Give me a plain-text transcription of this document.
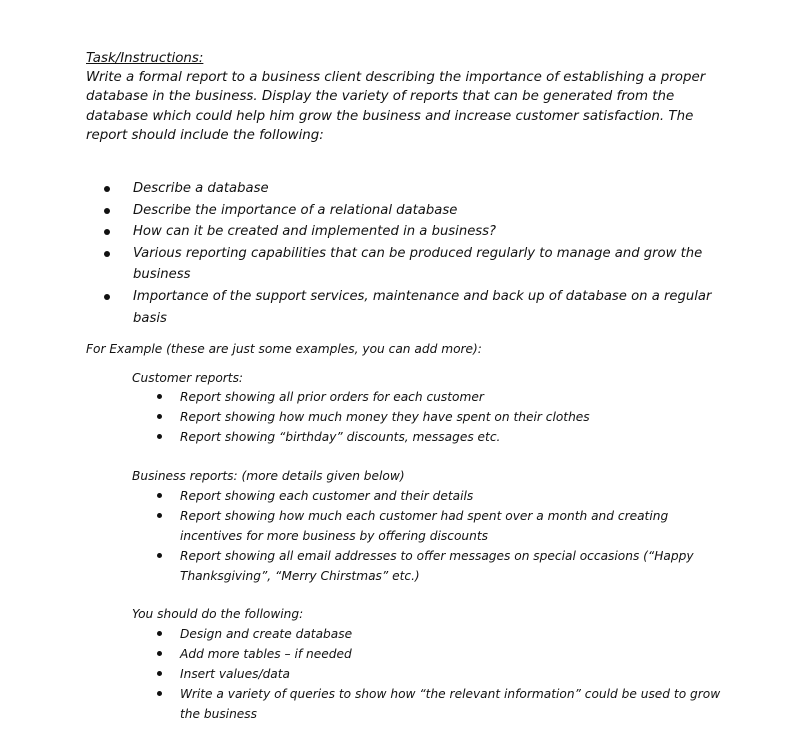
Task/Instructions:
Write a formal report to a business client describing the importance of establishing a proper
database in the business. Display the variety of reports that can be generated from the
database which could help him grow the business and increase customer satisfaction. The
report should include the following:
Describe a database
Describe the importance of a relational database
How can it be created and implemented in a business?
Various reporting capabilities that can be produced regularly to manage and grow the
business
Importance of the support services, maintenance and back up of database on a regular
basis
For Example (these are just some examples, you can add more):
Customer reports:
Report showing all prior orders for each customer
Report showing how much money they have spent on their clothes
Report showing “birthday” discounts, messages etc.
Business reports: (more details given below)
Report showing each customer and their details
Report showing how much each customer had spent over a month and creating
incentives for more business by offering discounts
Report showing all email addresses to offer messages on special occasions (“Happy
Thanksgiving”, “Merry Chirstmas” etc.)
You should do the following:
Design and create database
Add more tables – if needed
Insert values/data
Write a variety of queries to show how “the relevant information” could be used to grow
the business
